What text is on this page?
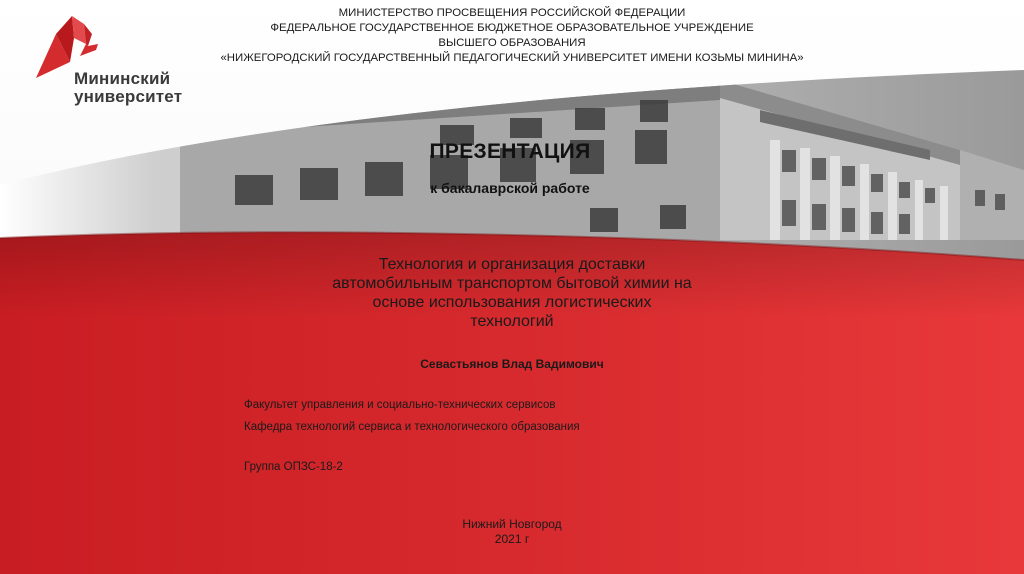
Мининский
университет
МИНИСТЕРСТВО ПРОСВЕЩЕНИЯ РОССИЙСКОЙ ФЕДЕРАЦИИ
ФЕДЕРАЛЬНОЕ ГОСУДАРСТВЕННОЕ БЮДЖЕТНОЕ ОБРАЗОВАТЕЛЬНОЕ УЧРЕЖДЕНИЕ
ВЫСШЕГО ОБРАЗОВАНИЯ
«НИЖЕГОРОДСКИЙ ГОСУДАРСТВЕННЫЙ ПЕДАГОГИЧЕСКИЙ УНИВЕРСИТЕТ ИМЕНИ КОЗЬМЫ МИНИНА»
ПРЕЗЕНТАЦИЯ
к бакалаврской работе
Технология и организация доставки
автомобильным транспортом бытовой химии на
основе использования логистических
технологий
Севастьянов Влад Вадимович
Факультет управления и социально-технических сервисов
Кафедра технологий сервиса и технологического образования
Группа ОПЗС-18-2
Нижний Новгород
2021 г
